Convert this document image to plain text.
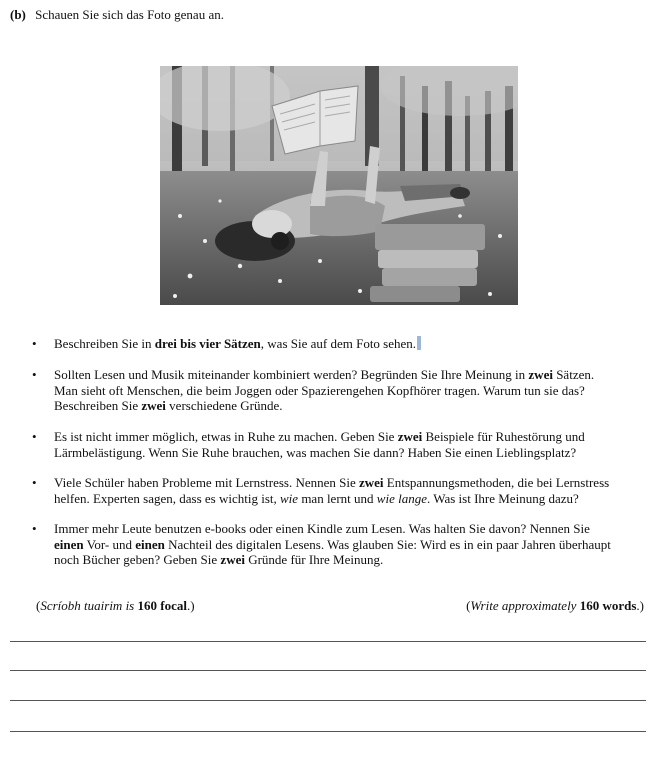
(b) Schauen Sie sich das Foto genau an.
• Beschreiben Sie in drei bis vier Sätzen, was Sie auf dem Foto sehen.
• Sollten Lesen und Musik miteinander kombiniert werden? Begründen Sie Ihre Meinung in zwei Sätzen.
Man sieht oft Menschen, die beim Joggen oder Spazierengehen Kopfhörer tragen. Warum tun sie das?
Beschreiben Sie zwei verschiedene Gründe.
• Es ist nicht immer möglich, etwas in Ruhe zu machen. Geben Sie zwei Beispiele für Ruhestörung und
Lärmbelästigung. Wenn Sie Ruhe brauchen, was machen Sie dann? Haben Sie einen Lieblingsplatz?
• Viele Schüler haben Probleme mit Lernstress. Nennen Sie zwei Entspannungsmethoden, die bei Lernstress
helfen. Experten sagen, dass es wichtig ist, wie man lernt und wie lange. Was ist Ihre Meinung dazu?
• Immer mehr Leute benutzen e-books oder einen Kindle zum Lesen. Was halten Sie davon? Nennen Sie
einen Vor- und einen Nachteil des digitalen Lesens. Was glauben Sie: Wird es in ein paar Jahren überhaupt
noch Bücher geben? Geben Sie zwei Gründe für Ihre Meinung.
(Scríobh tuairim is 160 focal.)	(Write approximately 160 words.)
